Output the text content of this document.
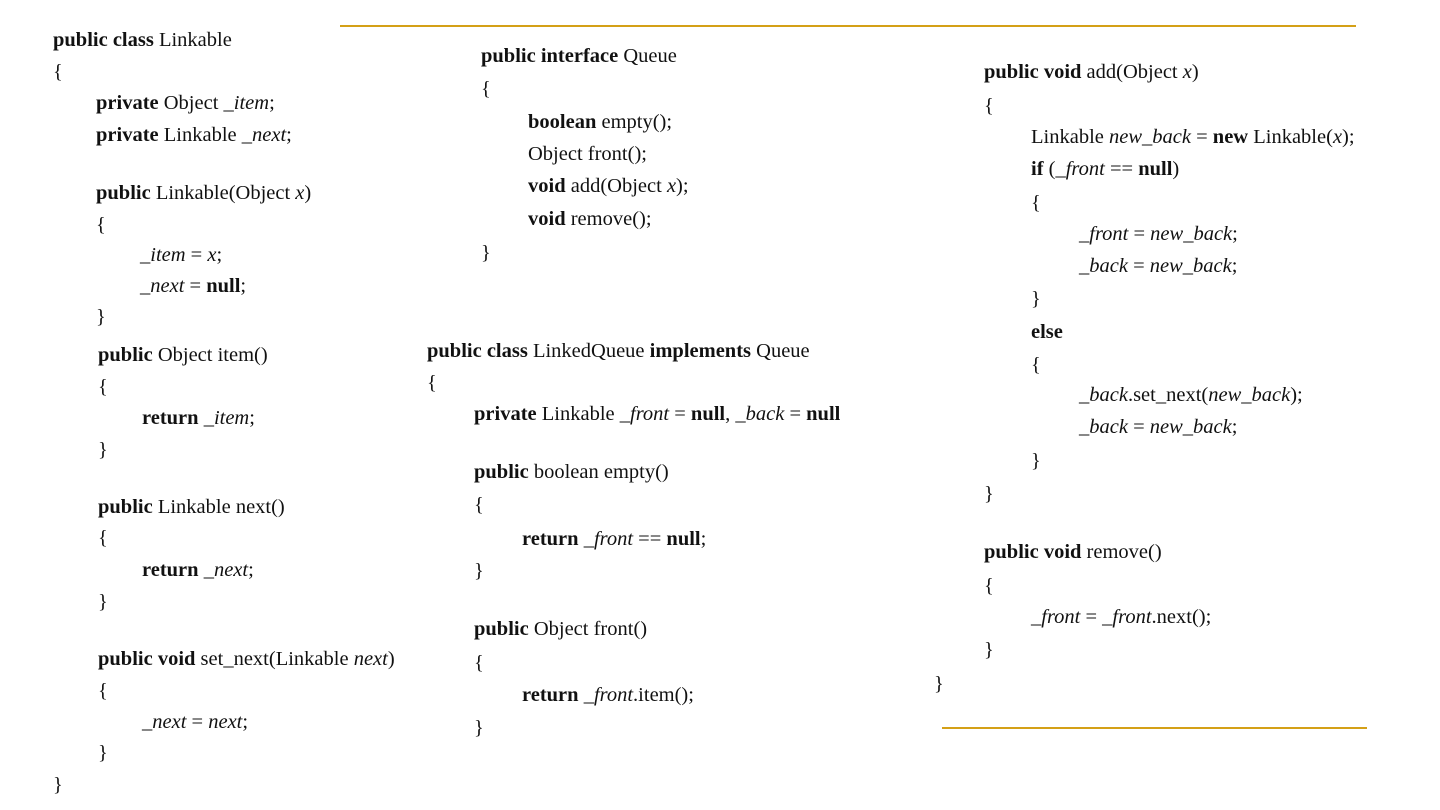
public class Linkable
{
private Object _item;
private Linkable _next;
public Linkable(Object x)
{
_item = x;
_next = null;
}
public Object item()
{
return _item;
}
public Linkable next()
{
return _next;
}
public void set_next(Linkable next)
{
_next = next;
}
}
public interface Queue
{
boolean empty();
Object front();
void add(Object x);
void remove();
}
public class LinkedQueue implements Queue
{
private Linkable _front = null, _back = null
public boolean empty()
{
return _front == null;
}
public Object front()
{
return _front.item();
}
public void add(Object x)
{
Linkable new_back = new Linkable(x);
if (_front == null)
{
_front = new_back;
_back = new_back;
}
else
{
_back.set_next(new_back);
_back = new_back;
}
}
public void remove()
{
_front = _front.next();
}
}
